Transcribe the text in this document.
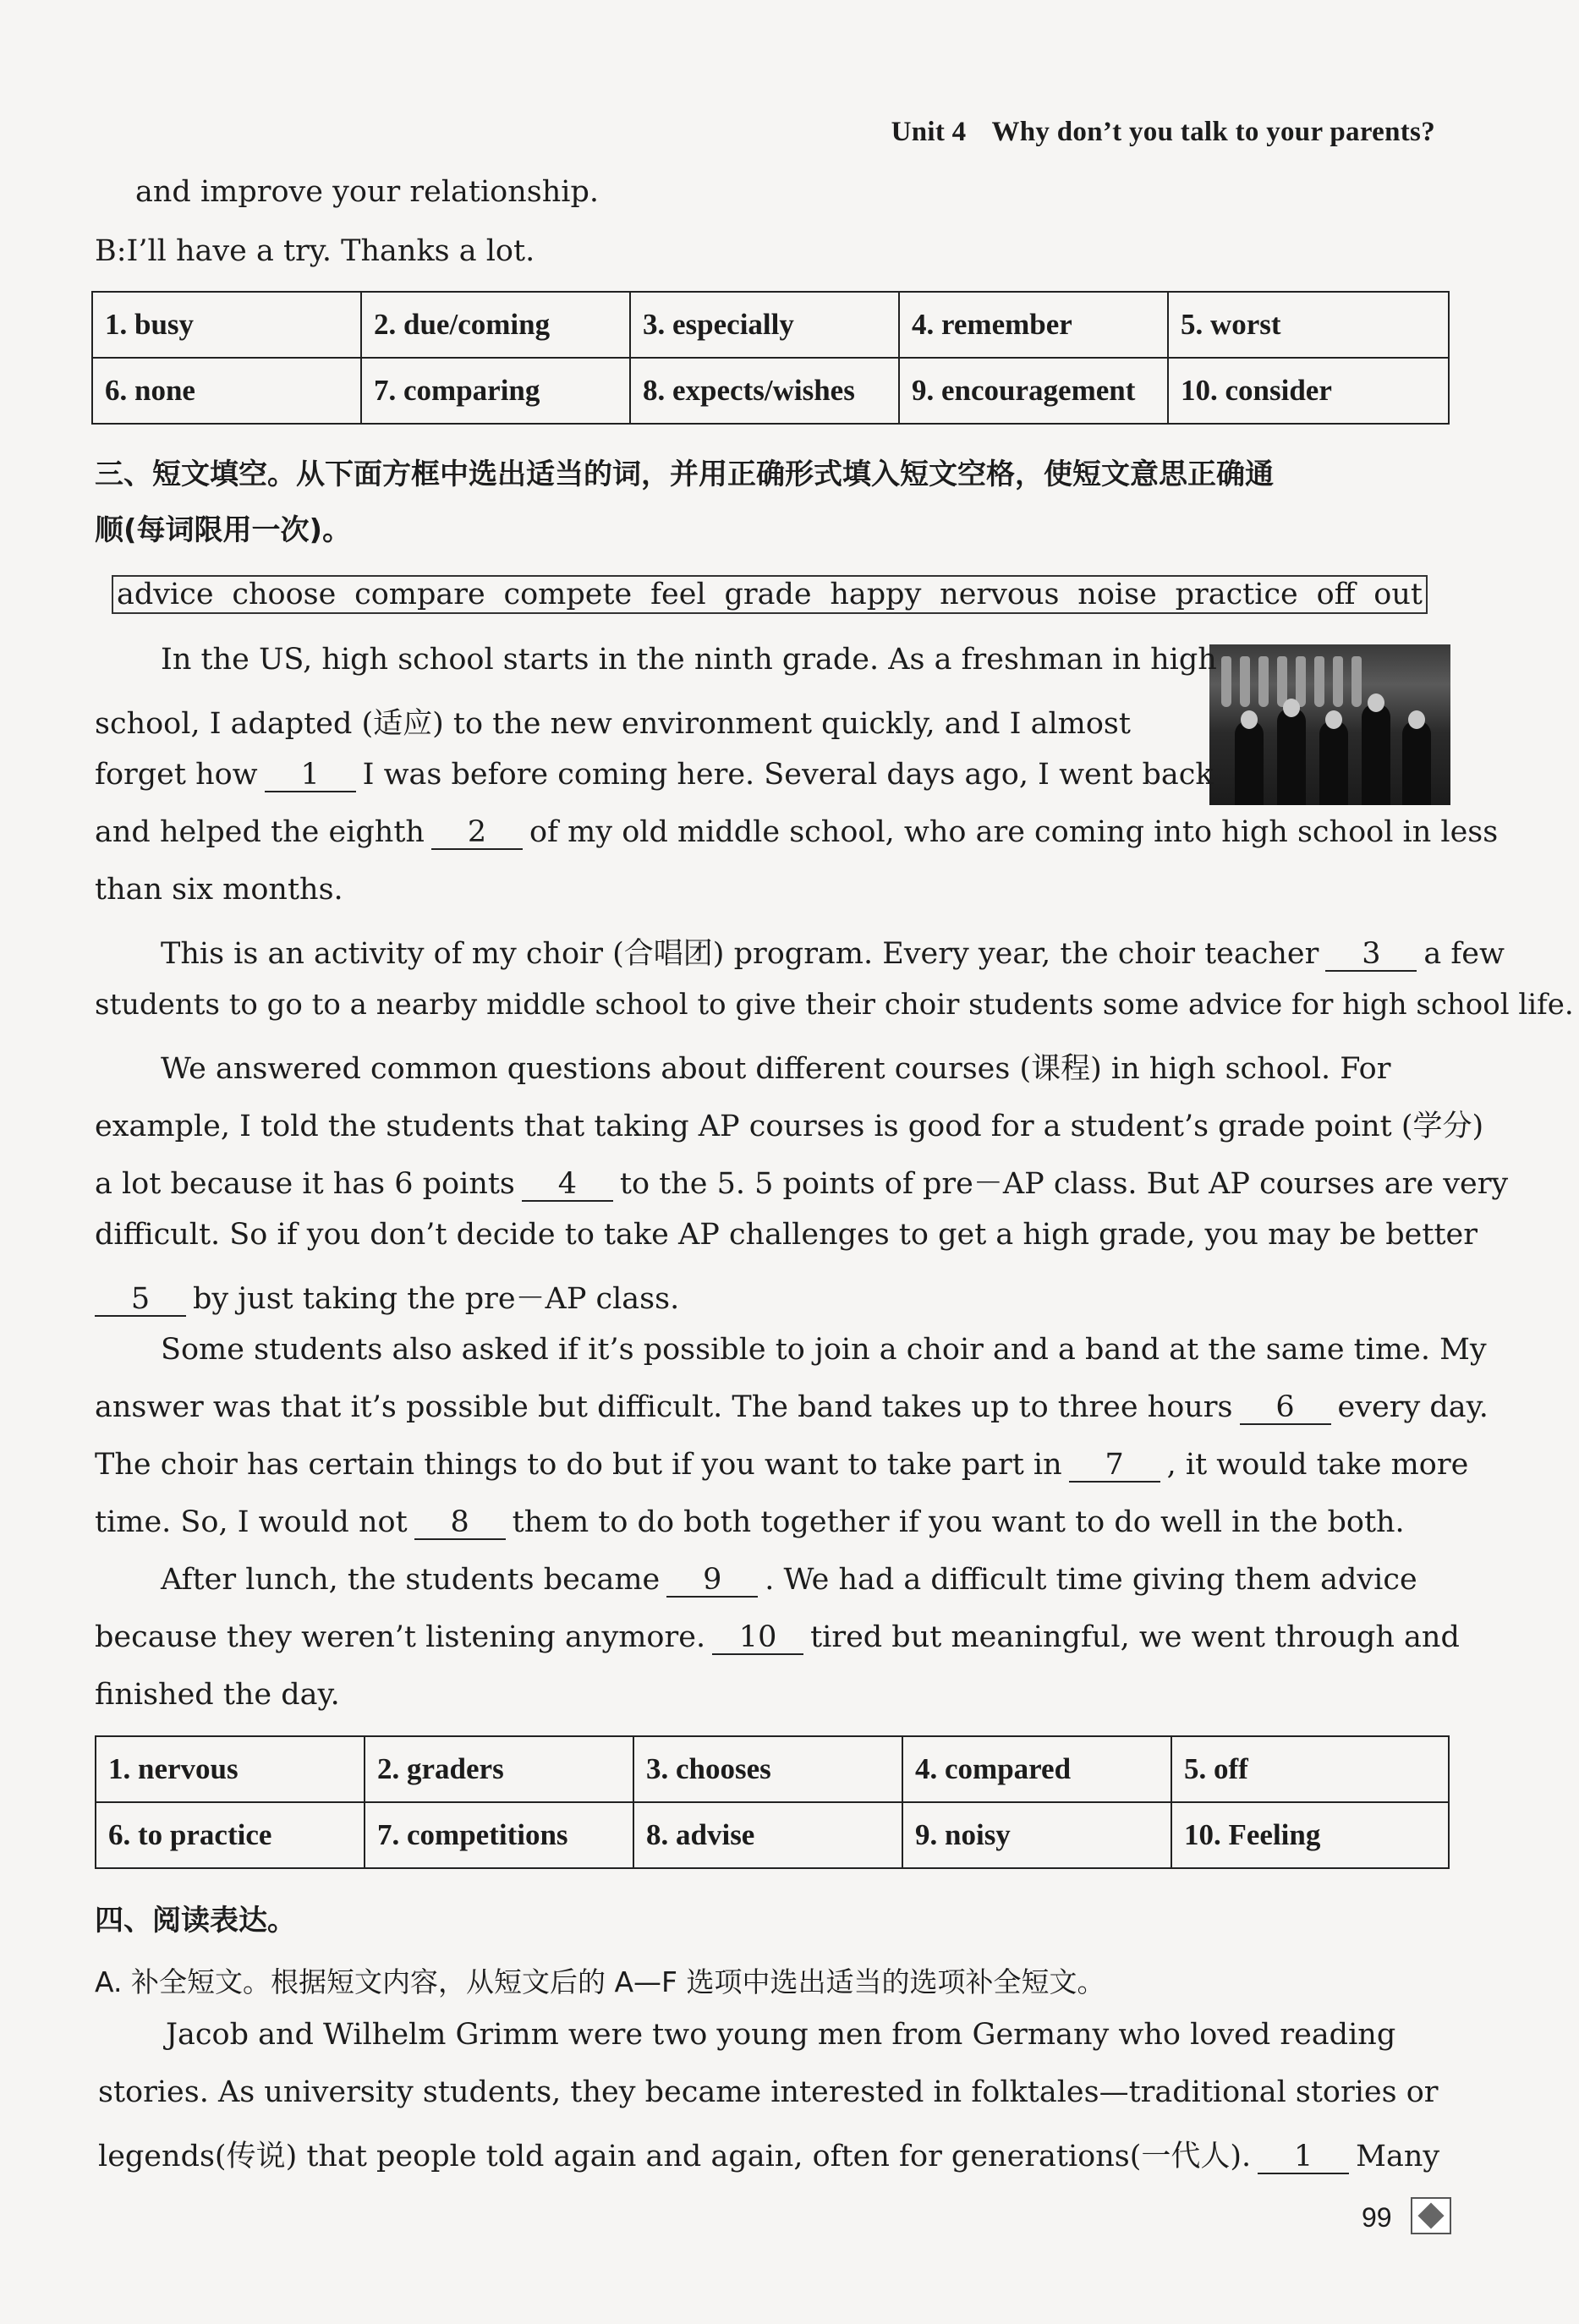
Unit 4 Why don’t you talk to your parents?
and improve your relationship.
B:I’ll have a try. Thanks a lot.
1. busy	2. due/coming	3. especially	4. remember	5. worst
6. none	7. comparing	8. expects/wishes	9. encouragement	10. consider
三、短文填空。从下面方框中选出适当的词，并用正确形式填入短文空格，使短文意思正确通
顺(每词限用一次)。
advice choose compare compete feel grade happy nervous noise practice off out
In the US, high school starts in the ninth grade. As a freshman in high
school, I adapted (适应) to the new environment quickly, and I almost
forget how 1 I was before coming here. Several days ago, I went back
and helped the eighth 2 of my old middle school, who are coming into high school in less
than six months.
This is an activity of my choir (合唱团) program. Every year, the choir teacher 3 a few
students to go to a nearby middle school to give their choir students some advice for high school life.
We answered common questions about different courses (课程) in high school. For
example, I told the students that taking AP courses is good for a student’s grade point (学分)
a lot because it has 6 points 4 to the 5. 5 points of pre－AP class. But AP courses are very
difficult. So if you don’t decide to take AP challenges to get a high grade, you may be better
5 by just taking the pre－AP class.
Some students also asked if it’s possible to join a choir and a band at the same time. My
answer was that it’s possible but difficult. The band takes up to three hours 6 every day.
The choir has certain things to do but if you want to take part in 7 , it would take more
time. So, I would not 8 them to do both together if you want to do well in the both.
After lunch, the students became 9 . We had a difficult time giving them advice
because they weren’t listening anymore. 10 tired but meaningful, we went through and
finished the day.
1. nervous	2. graders	3. chooses	4. compared	5. off
6. to practice	7. competitions	8. advise	9. noisy	10. Feeling
四、阅读表达。
A. 补全短文。根据短文内容，从短文后的 A—F 选项中选出适当的选项补全短文。
Jacob and Wilhelm Grimm were two young men from Germany who loved reading
stories. As university students, they became interested in folktales—traditional stories or
legends(传说) that people told again and again, often for generations(一代人). 1 Many
99
